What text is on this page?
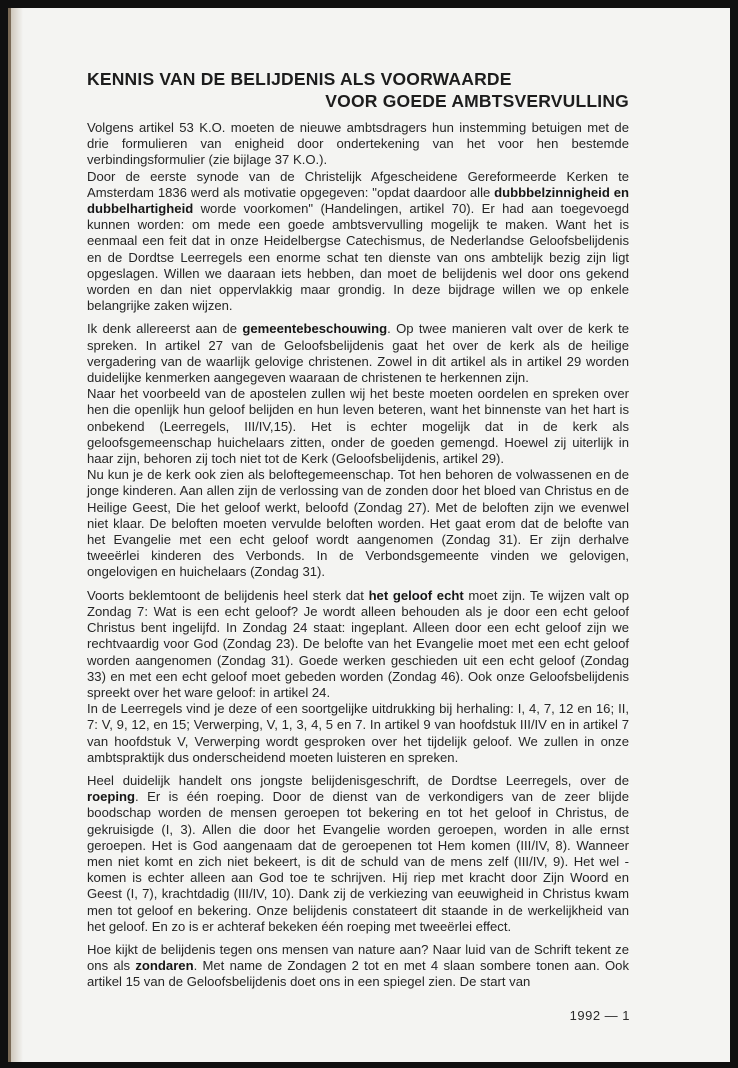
KENNIS VAN DE BELIJDENIS ALS VOORWAARDE
VOOR GOEDE AMBTSVERVULLING

Volgens artikel 53 K.O. moeten de nieuwe ambtsdragers hun instemming betuigen met de drie formulieren van enigheid door ondertekening van het voor hen bestemde verbindingsformulier (zie bijlage 37 K.O.).

Door de eerste synode van de Christelijk Afgescheidene Gereformeerde Kerken te Amsterdam 1836 werd als motivatie opgegeven: "opdat daardoor alle dubbbelzinnigheid en dubbelhartigheid worde voorkomen" (Handelingen, artikel 70). Er had aan toegevoegd kunnen worden: om mede een goede ambtsvervulling mogelijk te maken. Want het is eenmaal een feit dat in onze Heidelbergse Catechismus, de Nederlandse Geloofsbelijdenis en de Dordtse Leerregels een enorme schat ten dienste van ons ambtelijk bezig zijn ligt opgeslagen. Willen we daaraan iets hebben, dan moet de belijdenis wel door ons gekend worden en dan niet oppervlakkig maar grondig. In deze bijdrage willen we op enkele belangrijke zaken wijzen.

Ik denk allereerst aan de gemeentebeschouwing. Op twee manieren valt over de kerk te spreken. In artikel 27 van de Geloofsbelijdenis gaat het over de kerk als de heilige vergadering van de waarlijk gelovige christenen. Zowel in dit artikel als in artikel 29 worden duidelijke kenmerken aangegeven waaraan de christenen te herkennen zijn.

Naar het voorbeeld van de apostelen zullen wij het beste moeten oordelen en spreken over hen die openlijk hun geloof belijden en hun leven beteren, want het binnenste van het hart is onbekend (Leerregels, III/IV,15). Het is echter mogelijk dat in de kerk als geloofsgemeenschap huichelaars zitten, onder de goeden gemengd. Hoewel zij uiterlijk in haar zijn, behoren zij toch niet tot de Kerk (Geloofsbelijdenis, artikel 29).

Nu kun je de kerk ook zien als beloftegemeenschap. Tot hen behoren de volwassenen en de jonge kinderen. Aan allen zijn de verlossing van de zonden door het bloed van Christus en de Heilige Geest, Die het geloof werkt, beloofd (Zondag 27). Met de beloften zijn we evenwel niet klaar. De beloften moeten vervulde beloften worden. Het gaat erom dat de belofte van het Evangelie met een echt geloof wordt aangenomen (Zondag 31). Er zijn derhalve tweeërlei kinderen des Verbonds. In de Verbondsgemeente vinden we gelovigen, ongelovigen en huichelaars (Zondag 31).

Voorts beklemtoont de belijdenis heel sterk dat het geloof echt moet zijn. Te wijzen valt op Zondag 7: Wat is een echt geloof? Je wordt alleen behouden als je door een echt geloof Christus bent ingelijfd. In Zondag 24 staat: ingeplant. Alleen door een echt geloof zijn we rechtvaardig voor God (Zondag 23). De belofte van het Evangelie moet met een echt geloof worden aangenomen (Zondag 31). Goede werken geschieden uit een echt geloof (Zondag 33) en met een echt geloof moet gebeden worden (Zondag 46). Ook onze Geloofsbelijdenis spreekt over het ware geloof: in artikel 24.

In de Leerregels vind je deze of een soortgelijke uitdrukking bij herhaling: I, 4, 7, 12 en 16; II, 7: V, 9, 12, en 15; Verwerping, V, 1, 3, 4, 5 en 7. In artikel 9 van hoofdstuk III/IV en in artikel 7 van hoofdstuk V, Verwerping wordt gesproken over het tijdelijk geloof. We zullen in onze ambtspraktijk dus onderscheidend moeten luisteren en spreken.

Heel duidelijk handelt ons jongste belijdenisgeschrift, de Dordtse Leerregels, over de roeping. Er is één roeping. Door de dienst van de verkondigers van de zeer blijde boodschap worden de mensen geroepen tot bekering en tot het geloof in Christus, de gekruisigde (I, 3). Allen die door het Evangelie worden geroepen, worden in alle ernst geroepen. Het is God aangenaam dat de geroepenen tot Hem komen (III/IV, 8). Wanneer men niet komt en zich niet bekeert, is dit de schuld van de mens zelf (III/IV, 9). Het wel - komen is echter alleen aan God toe te schrijven. Hij riep met kracht door Zijn Woord en Geest (I, 7), krachtdadig (III/IV, 10). Dank zij de verkiezing van eeuwigheid in Christus kwam men tot geloof en bekering. Onze belijdenis constateert dit staande in de werkelijkheid van het geloof. En zo is er achteraf bekeken één roeping met tweeërlei effect.

Hoe kijkt de belijdenis tegen ons mensen van nature aan? Naar luid van de Schrift tekent ze ons als zondaren. Met name de Zondagen 2 tot en met 4 slaan sombere tonen aan. Ook artikel 15 van de Geloofsbelijdenis doet ons in een spiegel zien. De start van

1992 — 1
